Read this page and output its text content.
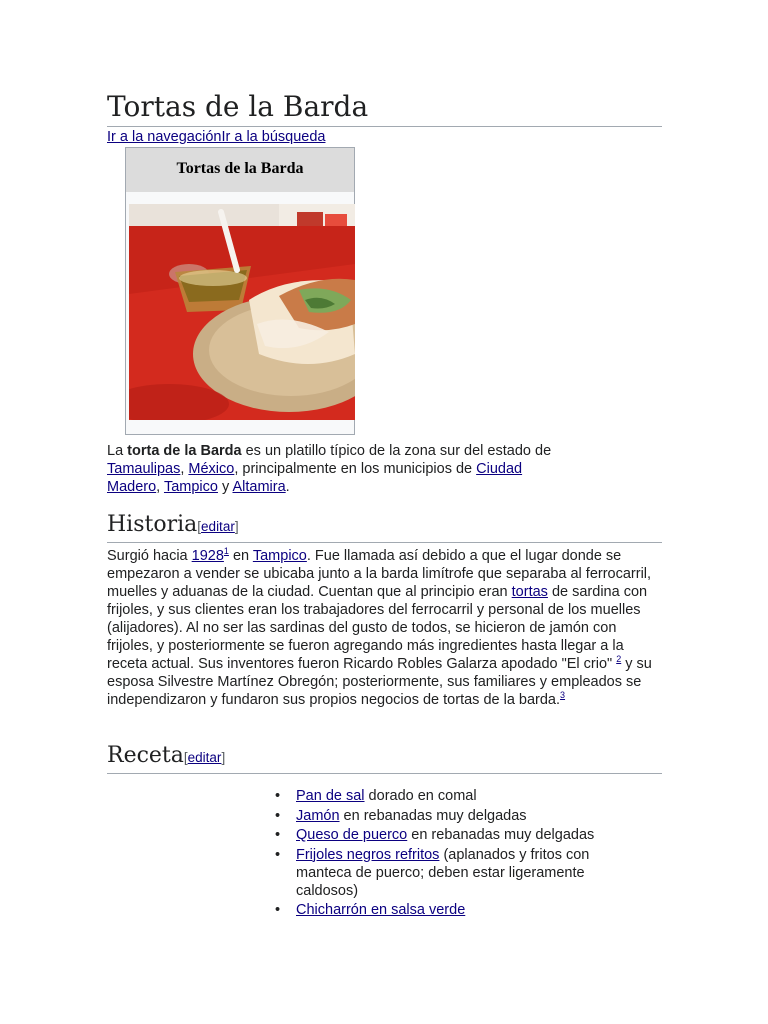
Tortas de la Barda
Ir a la navegaciónIr a la búsqueda
Tortas de la Barda

La torta de la Barda es un platillo típico de la zona sur del estado de Tamaulipas, México, principalmente en los municipios de Ciudad Madero, Tampico y Altamira.

Historia[editar]

Surgió hacia 1928$^1$ en Tampico. Fue llamada así debido a que el lugar donde se empezaron a vender se ubicaba junto a la barda limítrofe que separaba al ferrocarril, muelles y aduanas de la ciudad. Cuentan que al principio eran tortas de sardina con frijoles, y sus clientes eran los trabajadores del ferrocarril y personal de los muelles (alijadores). Al no ser las sardinas del gusto de todos, se hicieron de jamón con frijoles, y posteriormente se fueron agregando más ingredientes hasta llegar a la receta actual. Sus inventores fueron Ricardo Robles Galarza apodado "El crio" $^2$ y su esposa Silvestre Martínez Obregón; posteriormente, sus familiares y empleados se independizaron y fundaron sus propios negocios de tortas de la barda.$^3$

Receta[editar]
• Pan de sal dorado en comal
• Jamón en rebanadas muy delgadas
• Queso de puerco en rebanadas muy delgadas
• Frijoles negros refritos (aplanados y fritos con manteca de puerco; deben estar ligeramente caldosos)
• Chicharrón en salsa verde
